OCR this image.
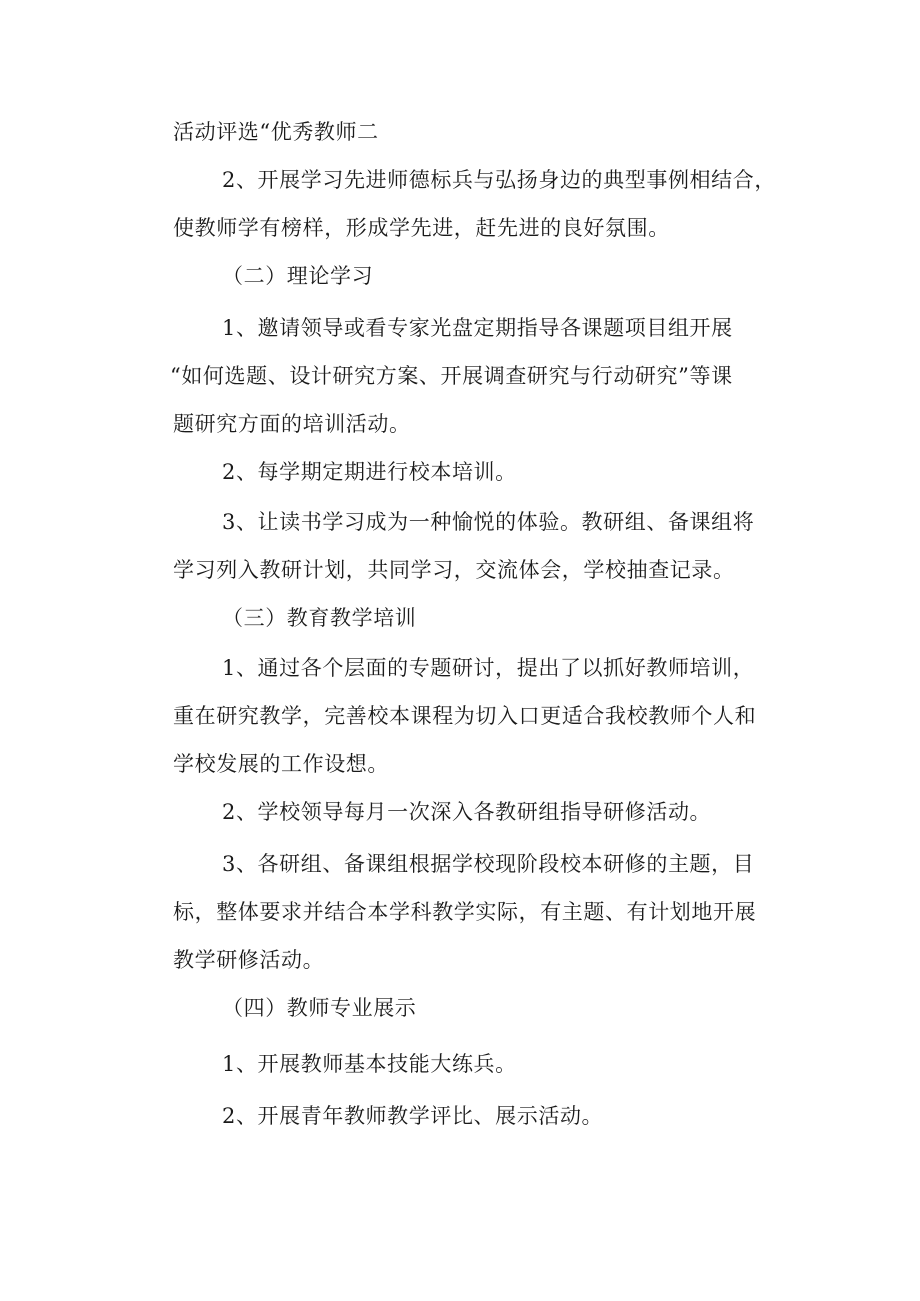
活动评选“优秀教师二
2、开展学习先进师德标兵与弘扬身边的典型事例相结合，
使教师学有榜样，形成学先进，赶先进的良好氛围。
（二）理论学习
1、邀请领导或看专家光盘定期指导各课题项目组开展
“如何选题、设计研究方案、开展调查研究与行动研究”等课
题研究方面的培训活动。
2、每学期定期进行校本培训。
3、让读书学习成为一种愉悦的体验。教研组、备课组将
学习列入教研计划，共同学习，交流体会，学校抽查记录。
（三）教育教学培训
1、通过各个层面的专题研讨，提出了以抓好教师培训，
重在研究教学，完善校本课程为切入口更适合我校教师个人和
学校发展的工作设想。
2、学校领导每月一次深入各教研组指导研修活动。
3、各研组、备课组根据学校现阶段校本研修的主题，目
标，整体要求并结合本学科教学实际，有主题、有计划地开展
教学研修活动。
（四）教师专业展示
1、开展教师基本技能大练兵。
2、开展青年教师教学评比、展示活动。
